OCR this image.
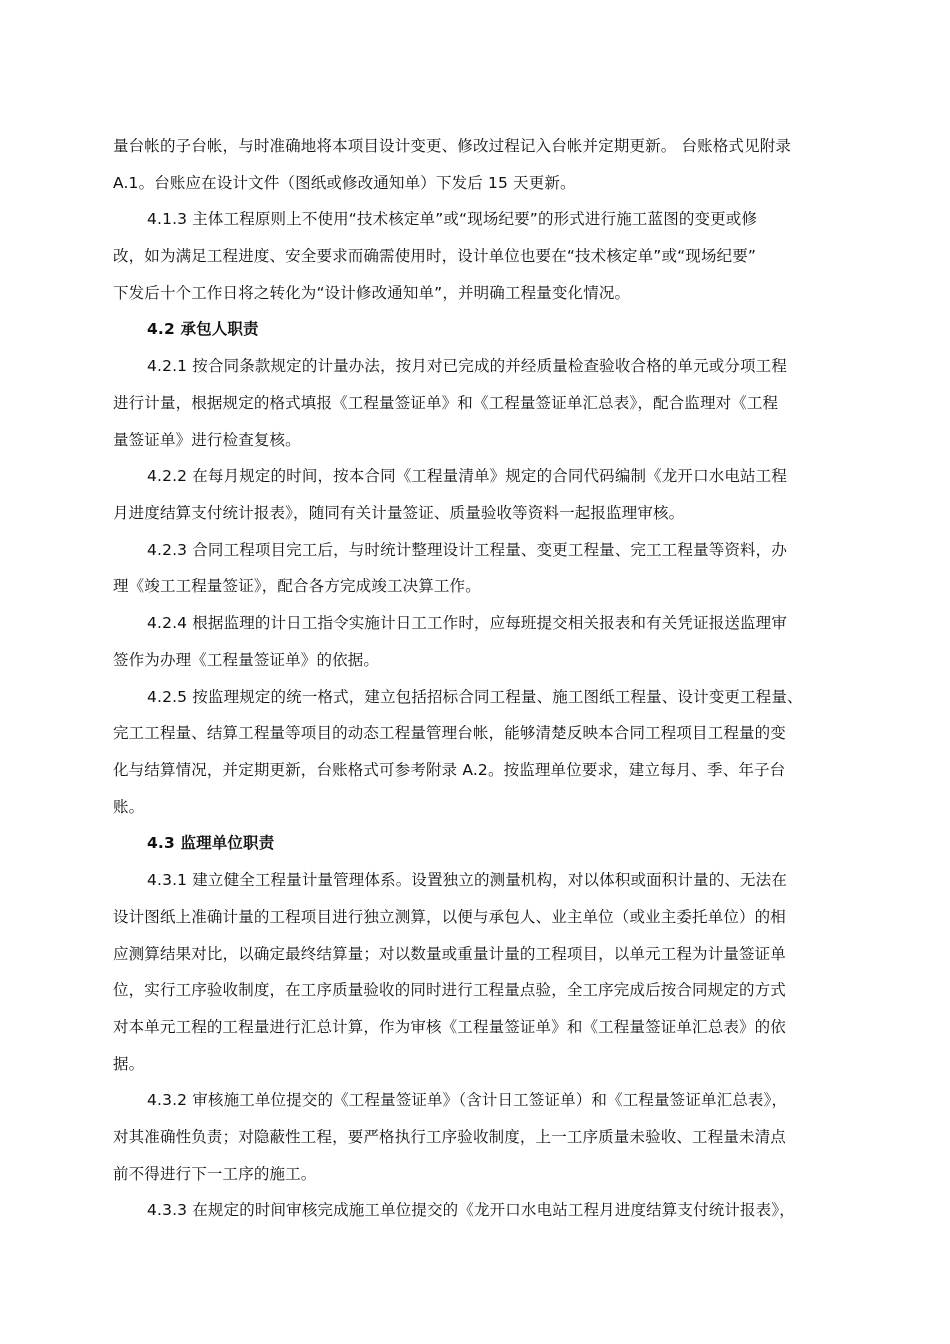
量台帐的子台帐，与时准确地将本项目设计变更、修改过程记入台帐并定期更新。 台账格式见附录
A.1。台账应在设计文件（图纸或修改通知单）下发后 15 天更新。
4.1.3 主体工程原则上不使用“技术核定单”或“现场纪要”的形式进行施工蓝图的变更或修
改，如为满足工程进度、安全要求而确需使用时，设计单位也要在“技术核定单”或“现场纪要”
下发后十个工作日将之转化为“设计修改通知单”，并明确工程量变化情况。
4.2 承包人职责
4.2.1 按合同条款规定的计量办法，按月对已完成的并经质量检查验收合格的单元或分项工程
进行计量，根据规定的格式填报《工程量签证单》和《工程量签证单汇总表》，配合监理对《工程
量签证单》进行检查复核。
4.2.2 在每月规定的时间，按本合同《工程量清单》规定的合同代码编制《龙开口水电站工程
月进度结算支付统计报表》，随同有关计量签证、质量验收等资料一起报监理审核。
4.2.3 合同工程项目完工后，与时统计整理设计工程量、变更工程量、完工工程量等资料，办
理《竣工工程量签证》，配合各方完成竣工决算工作。
4.2.4 根据监理的计日工指令实施计日工工作时，应每班提交相关报表和有关凭证报送监理审
签作为办理《工程量签证单》的依据。
4.2.5 按监理规定的统一格式，建立包括招标合同工程量、施工图纸工程量、设计变更工程量、
完工工程量、结算工程量等项目的动态工程量管理台帐，能够清楚反映本合同工程项目工程量的变
化与结算情况，并定期更新，台账格式可参考附录 A.2。按监理单位要求，建立每月、季、年子台
账。
4.3 监理单位职责
4.3.1 建立健全工程量计量管理体系。设置独立的测量机构，对以体积或面积计量的、无法在
设计图纸上准确计量的工程项目进行独立测算，以便与承包人、业主单位（或业主委托单位）的相
应测算结果对比，以确定最终结算量；对以数量或重量计量的工程项目，以单元工程为计量签证单
位，实行工序验收制度，在工序质量验收的同时进行工程量点验，全工序完成后按合同规定的方式
对本单元工程的工程量进行汇总计算，作为审核《工程量签证单》和《工程量签证单汇总表》的依
据。
4.3.2 审核施工单位提交的《工程量签证单》（含计日工签证单）和《工程量签证单汇总表》，
对其准确性负责；对隐蔽性工程，要严格执行工序验收制度，上一工序质量未验收、工程量未清点
前不得进行下一工序的施工。
4.3.3 在规定的时间审核完成施工单位提交的《龙开口水电站工程月进度结算支付统计报表》，
